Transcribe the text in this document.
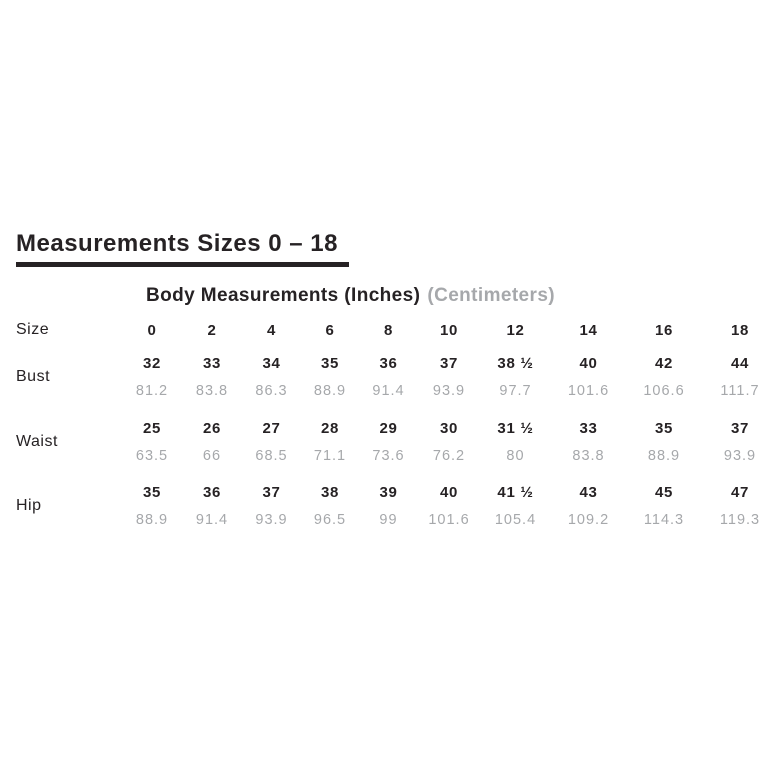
Measurements Sizes 0 – 18
Body Measurements (Inches) (Centimeters)
Size	0	2	4	6	8	10	12	14	16	18

Bust	32	33	34	35	36	37	38 ½	40	42	44
	81.2	83.8	86.3	88.9	91.4	93.9	97.7	101.6	106.6	111.7

Waist	25	26	27	28	29	30	31 ½	33	35	37
	63.5	66	68.5	71.1	73.6	76.2	80	83.8	88.9	93.9

Hip	35	36	37	38	39	40	41 ½	43	45	47
	88.9	91.4	93.9	96.5	99	101.6	105.4	109.2	114.3	119.3
